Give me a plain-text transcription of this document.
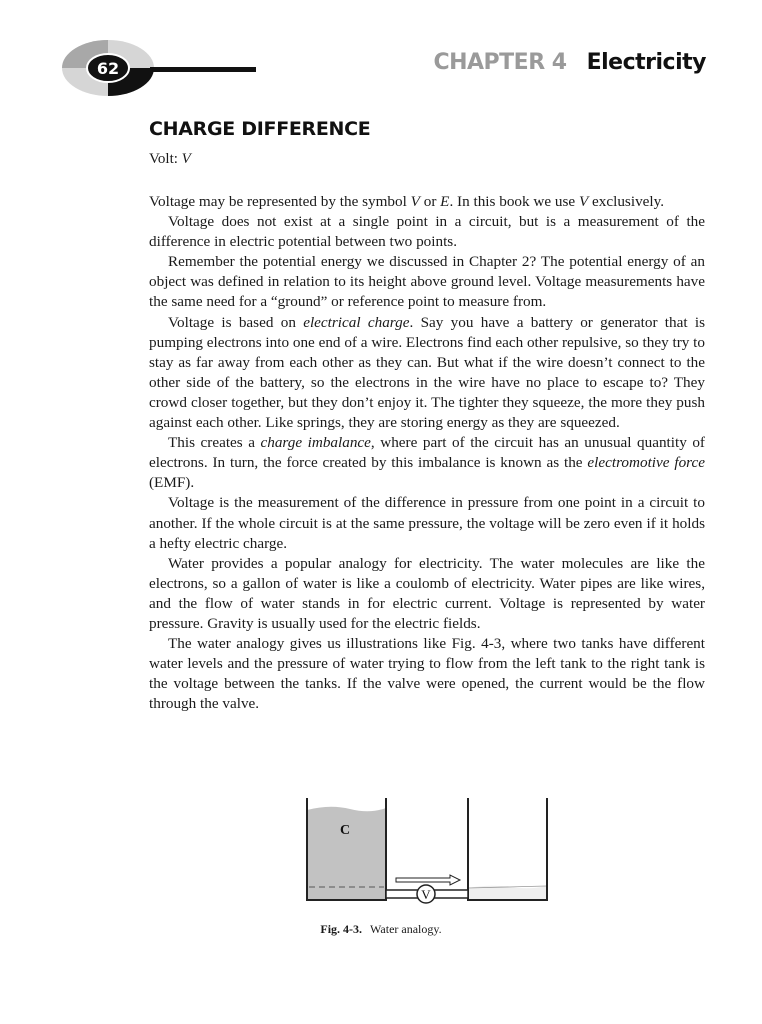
62	CHAPTER 4 Electricity
CHARGE DIFFERENCE
Volt: V

Voltage may be represented by the symbol V or E. In this book we use V exclusively.

Voltage does not exist at a single point in a circuit, but is a measurement of the difference in electric potential between two points.

Remember the potential energy we discussed in Chapter 2? The potential energy of an object was defined in relation to its height above ground level. Voltage measurements have the same need for a “ground” or reference point to measure from.

Voltage is based on electrical charge. Say you have a battery or generator that is pumping electrons into one end of a wire. Electrons find each other repulsive, so they try to stay as far away from each other as they can. But what if the wire doesn’t connect to the other side of the battery, so the electrons in the wire have no place to escape to? They crowd closer together, but they don’t enjoy it. The tighter they squeeze, the more they push against each other. Like springs, they are storing energy as they are squeezed.

This creates a charge imbalance, where part of the circuit has an unusual quantity of electrons. In turn, the force created by this imbalance is known as the electromotive force (EMF).

Voltage is the measurement of the difference in pressure from one point in a circuit to another. If the whole circuit is at the same pressure, the voltage will be zero even if it holds a hefty electric charge.

Water provides a popular analogy for electricity. The water molecules are like the electrons, so a gallon of water is like a coulomb of electricity. Water pipes are like wires, and the flow of water stands in for electric current. Voltage is represented by water pressure. Gravity is usually used for the electric fields.

The water analogy gives us illustrations like Fig. 4-3, where two tanks have different water levels and the pressure of water trying to flow from the left tank to the right tank is the voltage between the tanks. If the valve were opened, the current would be the flow through the valve.

V
C
Fig. 4-3. Water analogy.
